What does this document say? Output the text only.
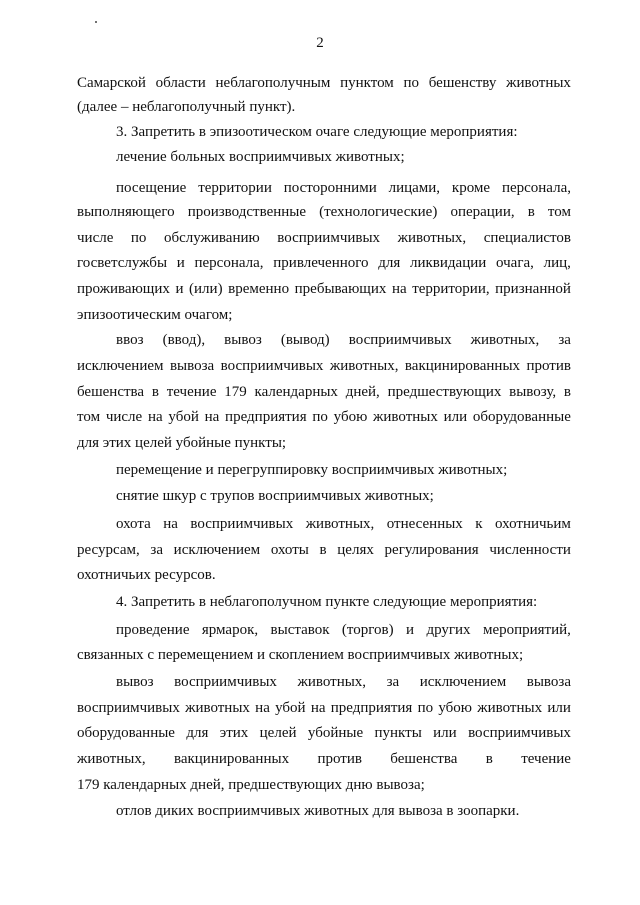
2
Самарской области неблагополучным пунктом по бешенству животных
(далее – неблагополучный пункт).
3. Запретить в эпизоотическом очаге следующие мероприятия:
лечение больных восприимчивых животных;
посещение территории посторонними лицами, кроме персонала,
выполняющего производственные (технологические) операции, в том
числе по обслуживанию восприимчивых животных, специалистов
госветслужбы и персонала, привлеченного для ликвидации очага, лиц,
проживающих и (или) временно пребывающих на территории, признанной
эпизоотическим очагом;
ввоз (ввод), вывоз (вывод) восприимчивых животных, за
исключением вывоза восприимчивых животных, вакцинированных против
бешенства в течение 179 календарных дней, предшествующих вывозу, в
том числе на убой на предприятия по убою животных или оборудованные
для этих целей убойные пункты;
перемещение и перегруппировку восприимчивых животных;
снятие шкур с трупов восприимчивых животных;
охота на восприимчивых животных, отнесенных к охотничьим
ресурсам, за исключением охоты в целях регулирования численности
охотничьих ресурсов.
4. Запретить в неблагополучном пункте следующие мероприятия:
проведение ярмарок, выставок (торгов) и других мероприятий,
связанных с перемещением и скоплением восприимчивых животных;
вывоз восприимчивых животных, за исключением вывоза
восприимчивых животных на убой на предприятия по убою животных или
оборудованные для этих целей убойные пункты или восприимчивых
животных, вакцинированных против бешенства в течение
179 календарных дней, предшествующих дню вывоза;
отлов диких восприимчивых животных для вывоза в зоопарки.
